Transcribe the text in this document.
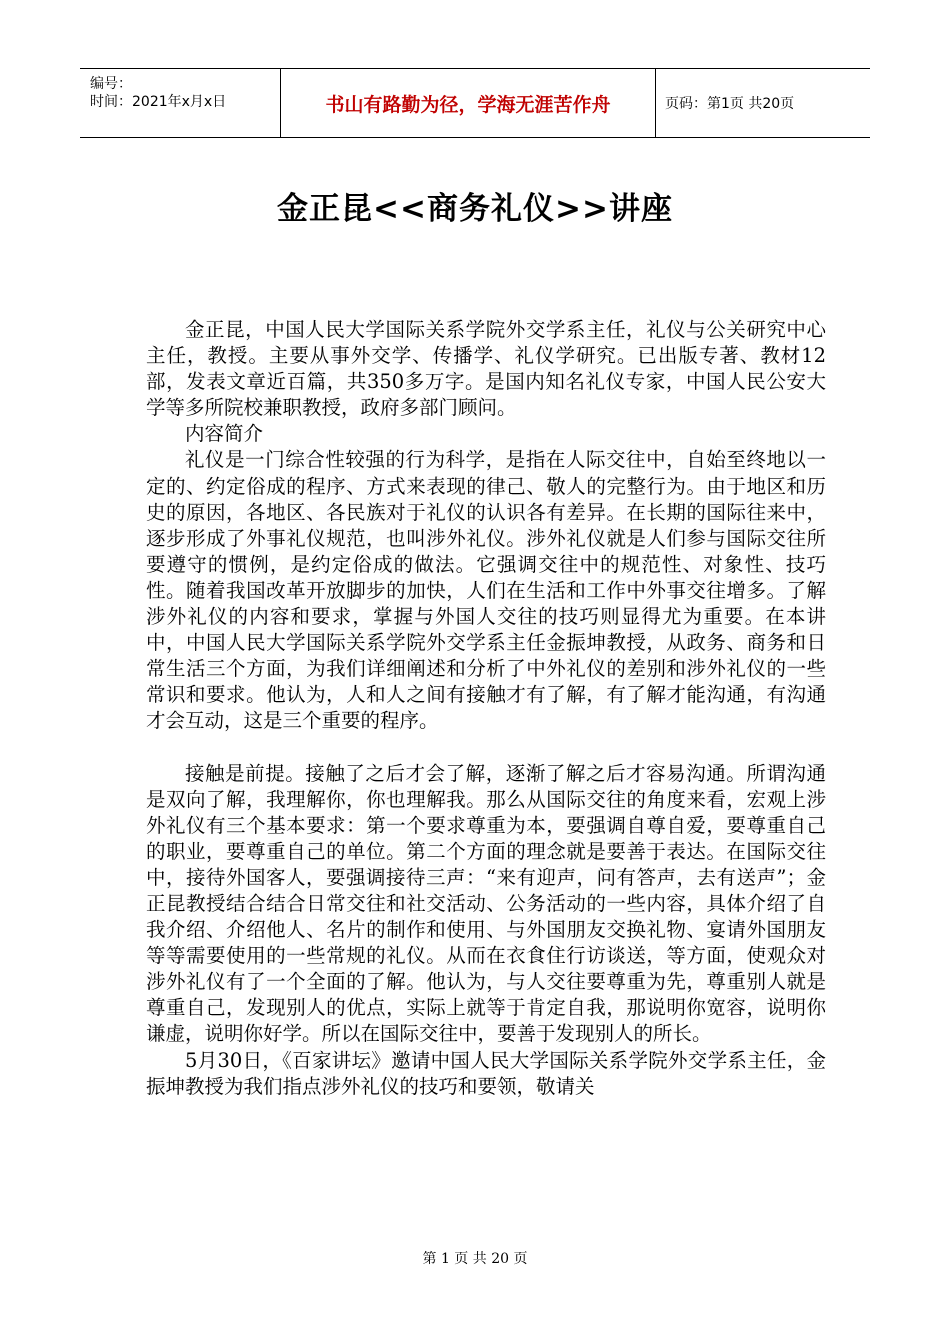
编号：
时间：2021年x月x日	书山有路勤为径，学海无涯苦作舟	页码：第1页 共20页
金正昆<<商务礼仪>>讲座

金正昆，中国人民大学国际关系学院外交学系主任，礼仪与公关研究中心主任，教授。主要从事外交学、传播学、礼仪学研究。已出版专著、教材12部，发表文章近百篇，共350多万字。是国内知名礼仪专家，中国人民公安大学等多所院校兼职教授，政府多部门顾问。

内容简介

礼仪是一门综合性较强的行为科学，是指在人际交往中，自始至终地以一定的、约定俗成的程序、方式来表现的律己、敬人的完整行为。由于地区和历史的原因，各地区、各民族对于礼仪的认识各有差异。在长期的国际往来中，逐步形成了外事礼仪规范，也叫涉外礼仪。涉外礼仪就是人们参与国际交往所要遵守的惯例，是约定俗成的做法。它强调交往中的规范性、对象性、技巧性。随着我国改革开放脚步的加快，人们在生活和工作中外事交往增多。了解涉外礼仪的内容和要求，掌握与外国人交往的技巧则显得尤为重要。在本讲中，中国人民大学国际关系学院外交学系主任金振坤教授，从政务、商务和日常生活三个方面，为我们详细阐述和分析了中外礼仪的差别和涉外礼仪的一些常识和要求。他认为，人和人之间有接触才有了解，有了解才能沟通，有沟通才会互动，这是三个重要的程序。

接触是前提。接触了之后才会了解，逐渐了解之后才容易沟通。所谓沟通是双向了解，我理解你，你也理解我。那么从国际交往的角度来看，宏观上涉外礼仪有三个基本要求：第一个要求尊重为本，要强调自尊自爱，要尊重自己的职业，要尊重自己的单位。第二个方面的理念就是要善于表达。在国际交往中，接待外国客人，要强调接待三声：“来有迎声，问有答声，去有送声”；金正昆教授结合结合日常交往和社交活动、公务活动的一些内容，具体介绍了自我介绍、介绍他人、名片的制作和使用、与外国朋友交换礼物、宴请外国朋友等等需要使用的一些常规的礼仪。从而在衣食住行访谈送，等方面，使观众对涉外礼仪有了一个全面的了解。他认为，与人交往要尊重为先，尊重别人就是尊重自己，发现别人的优点，实际上就等于肯定自我，那说明你宽容，说明你谦虚，说明你好学。所以在国际交往中，要善于发现别人的所长。

5月30日，《百家讲坛》邀请中国人民大学国际关系学院外交学系主任，金振坤教授为我们指点涉外礼仪的技巧和要领，敬请关

第 1 页 共 20 页
